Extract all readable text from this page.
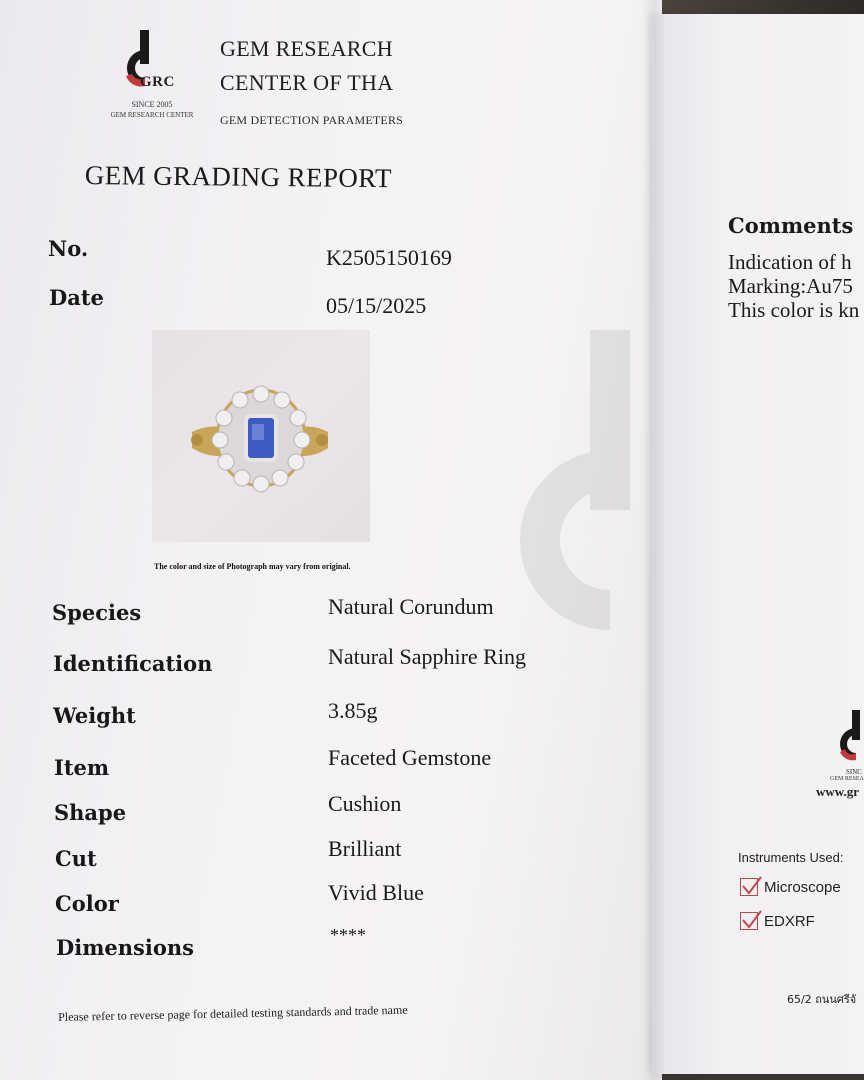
GRC
SINCE 2005
GEM RESEARCH CENTER
GEM RESEARCH
CENTER OF THA
GEM DETECTION PARAMETERS
GEM GRADING REPORT
No.	K2505150169
Date	05/15/2025
The color and size of Photograph may vary from original.
Species	Natural Corundum
Identification	Natural Sapphire Ring
Weight	3.85g
Item	Faceted Gemstone
Shape	Cushion
Cut	Brilliant
Color	Vivid Blue
Dimensions	****
Please refer to reverse page for detailed testing standards and trade name
Comments
Indication of h
Marking:Au75
This color is kn
SINC
GEM RESEA
www.gr
Instruments Used:
Microscope
EDXRF
65/2 ถนนศรีจั
